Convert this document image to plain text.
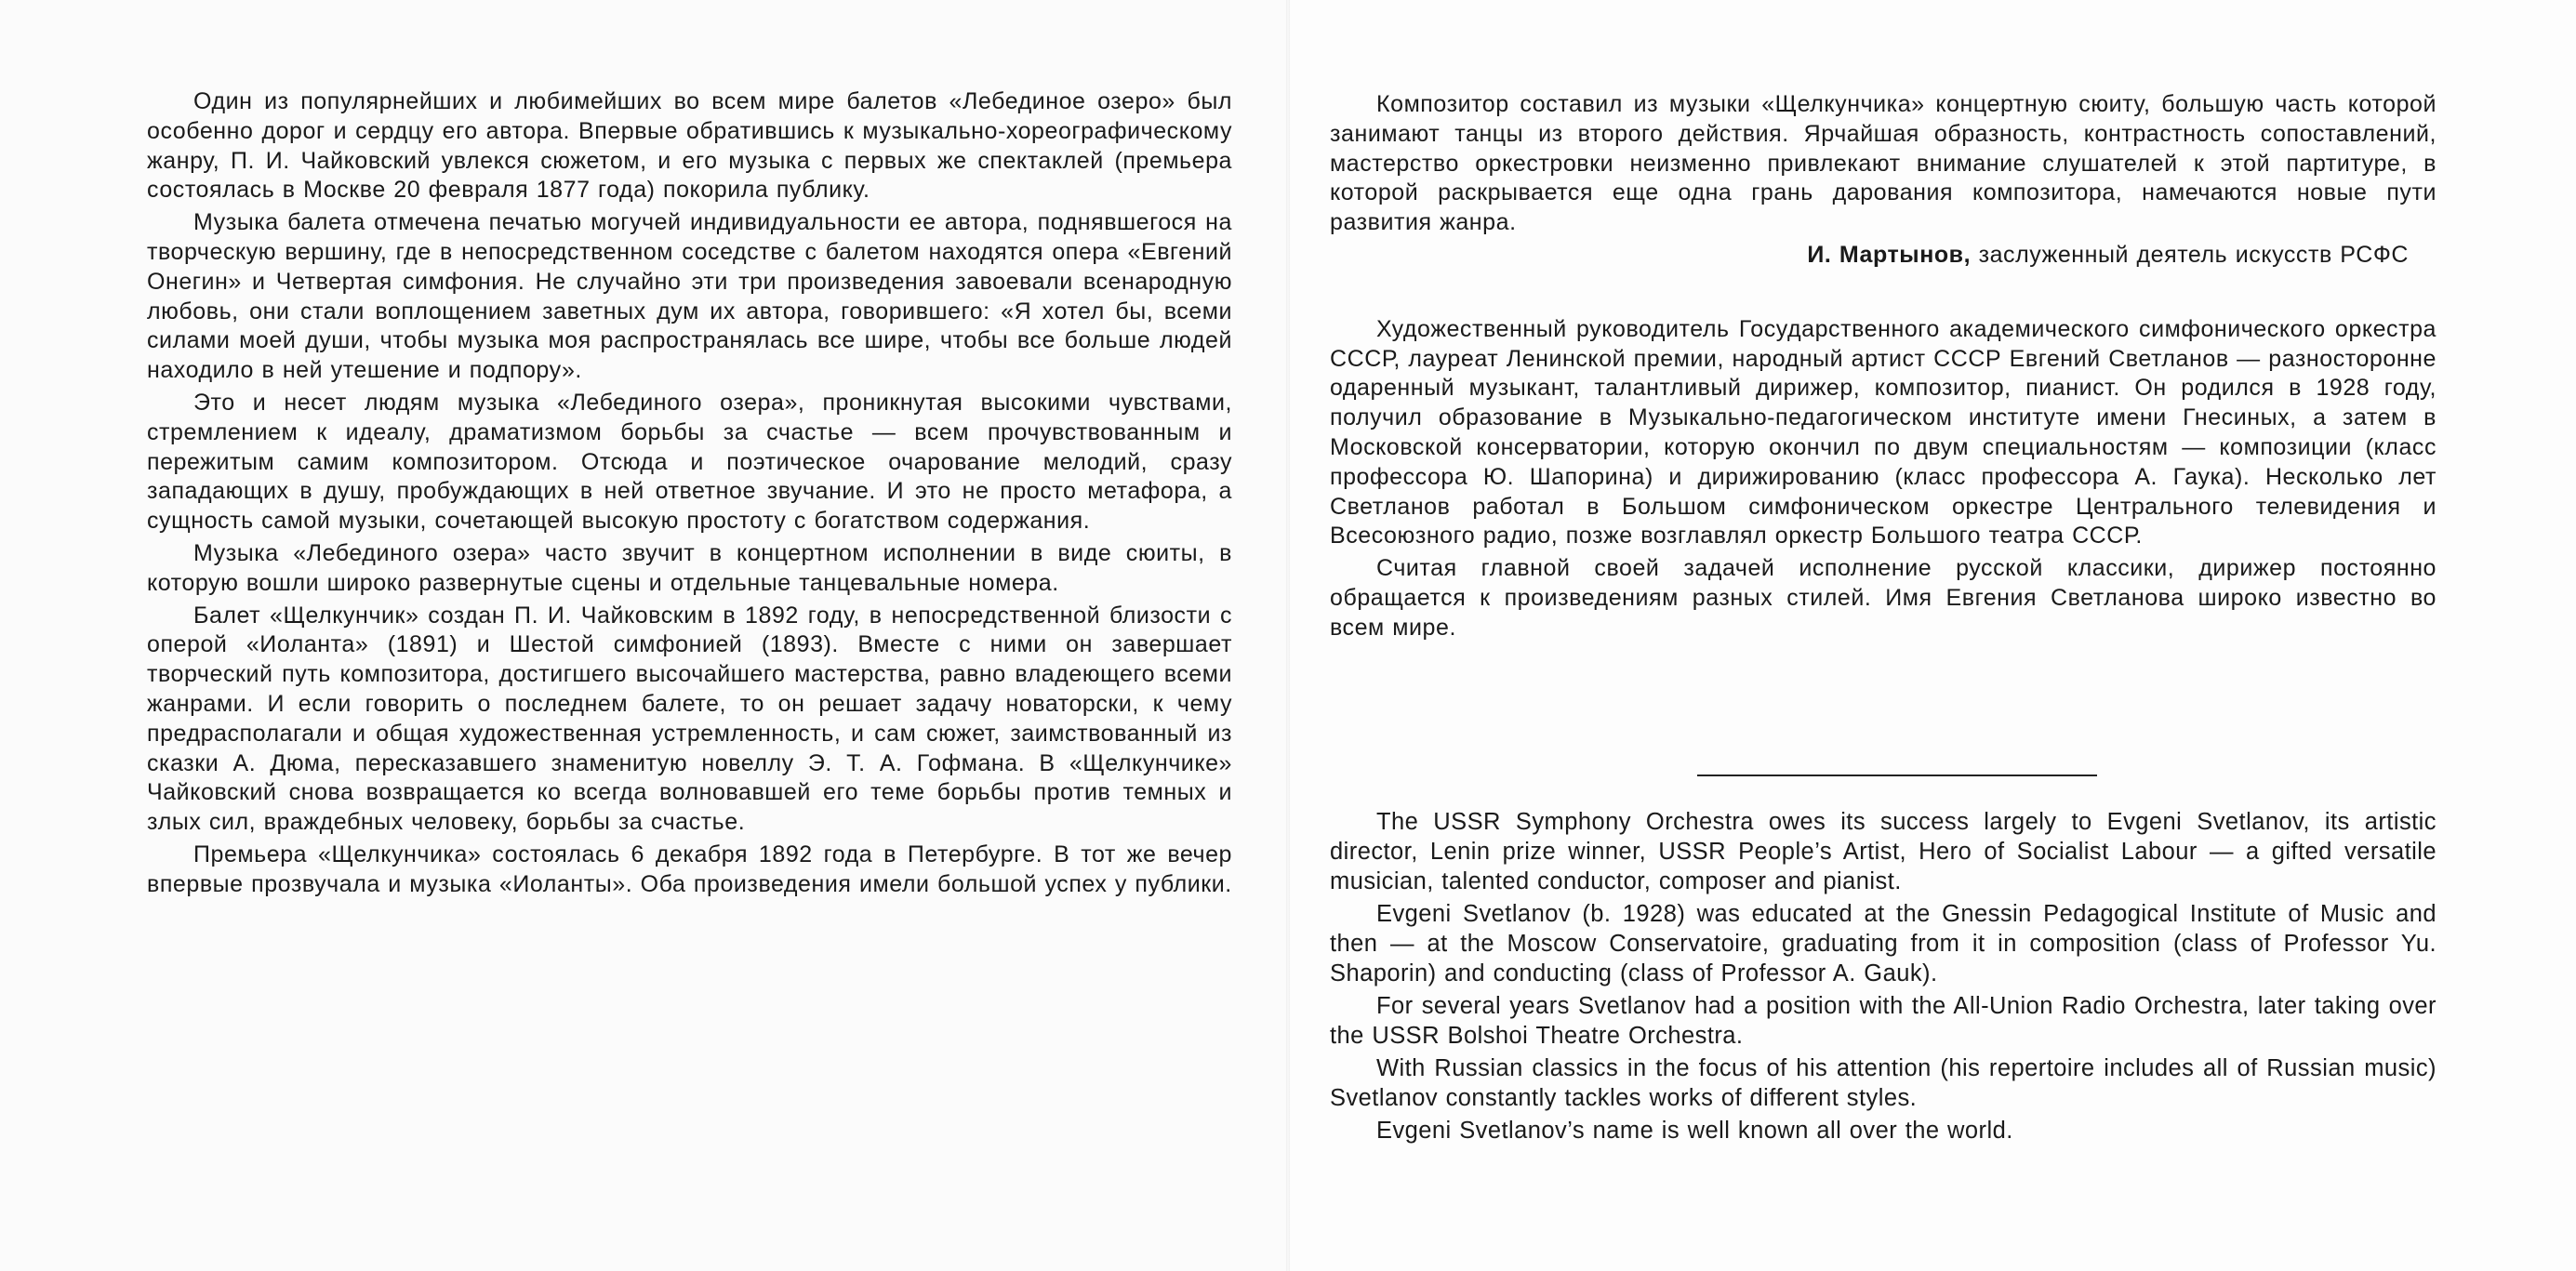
Один из популярнейших и любимейших во всем мире балетов «Лебединое озеро» был особенно дорог и сердцу его автора. Впервые обратившись к музыкально-хореографическому жанру, П. И. Чайковский увлекся сюжетом, и его музыка с первых же спектаклей (премьера состоялась в Москве 20 февраля 1877 года) покорила публику.

Музыка балета отмечена печатью могучей индивидуальности ее автора, поднявшегося на творческую вершину, где в непосредственном соседстве с балетом находятся опера «Евгений Онегин» и Четвертая симфония. Не случайно эти три произведения завоевали всенародную любовь, они стали воплощением заветных дум их автора, говорившего: «Я хотел бы, всеми силами моей души, чтобы музыка моя распространялась все шире, чтобы все больше людей находило в ней утешение и подпору».

Это и несет людям музыка «Лебединого озера», проникнутая высокими чувствами, стремлением к идеалу, драматизмом борьбы за счастье — всем прочувствованным и пережитым самим композитором. Отсюда и поэтическое очарование мелодий, сразу западающих в душу, пробуждающих в ней ответное звучание. И это не просто метафора, а сущность самой музыки, сочетающей высокую простоту с богатством содержания.

Музыка «Лебединого озера» часто звучит в концертном исполнении в виде сюиты, в которую вошли широко развернутые сцены и отдельные танцевальные номера.

Балет «Щелкунчик» создан П. И. Чайковским в 1892 году, в непосредственной близости с оперой «Иоланта» (1891) и Шестой симфонией (1893). Вместе с ними он завершает творческий путь композитора, достигшего высочайшего мастерства, равно владеющего всеми жанрами. И если говорить о последнем балете, то он решает задачу новаторски, к чему предрасполагали и общая художественная устремленность, и сам сюжет, заимствованный из сказки А. Дюма, пересказавшего знаменитую новеллу Э. Т. А. Гофмана. В «Щелкунчике» Чайковский снова возвращается ко всегда волновавшей его теме борьбы против темных и злых сил, враждебных человеку, борьбы за счастье.

Премьера «Щелкунчика» состоялась 6 декабря 1892 года в Петербурге. В тот же вечер впервые прозвучала и музыка «Иоланты». Оба произведения имели большой успех у публики.

Композитор составил из музыки «Щелкунчика» концертную сюиту, большую часть которой занимают танцы из второго действия. Ярчайшая образность, контрастность сопоставлений, мастерство оркестровки неизменно привлекают внимание слушателей к этой партитуре, в которой раскрывается еще одна грань дарования композитора, намечаются новые пути развития жанра.

И. Мартынов, заслуженный деятель искусств РСФС

Художественный руководитель Государственного академического симфонического оркестра СССР, лауреат Ленинской премии, народный артист СССР Евгений Светланов — разносторонне одаренный музыкант, талантливый дирижер, композитор, пианист. Он родился в 1928 году, получил образование в Музыкально-педагогическом институте имени Гнесиных, а затем в Московской консерватории, которую окончил по двум специальностям — композиции (класс профессора Ю. Шапорина) и дирижированию (класс профессора А. Гаука). Несколько лет Светланов работал в Большом симфоническом оркестре Центрального телевидения и Всесоюзного радио, позже возглавлял оркестр Большого театра СССР.

Считая главной своей задачей исполнение русской классики, дирижер постоянно обращается к произведениям разных стилей. Имя Евгения Светланова широко известно во всем мире.

The USSR Symphony Orchestra owes its success largely to Evgeni Svetlanov, its artistic director, Lenin prize winner, USSR People’s Artist, Hero of Socialist Labour — a gifted versatile musician, talented conductor, composer and pianist.

Evgeni Svetlanov (b. 1928) was educated at the Gnessin Pedagogical Institute of Music and then — at the Moscow Conservatoire, graduating from it in composition (class of Professor Yu. Shaporin) and conducting (class of Professor A. Gauk).

For several years Svetlanov had a position with the All-Union Radio Orchestra, later taking over the USSR Bolshoi Theatre Orchestra.

With Russian classics in the focus of his attention (his repertoire includes all of Russian music) Svetlanov constantly tackles works of different styles.

Evgeni Svetlanov’s name is well known all over the world.
